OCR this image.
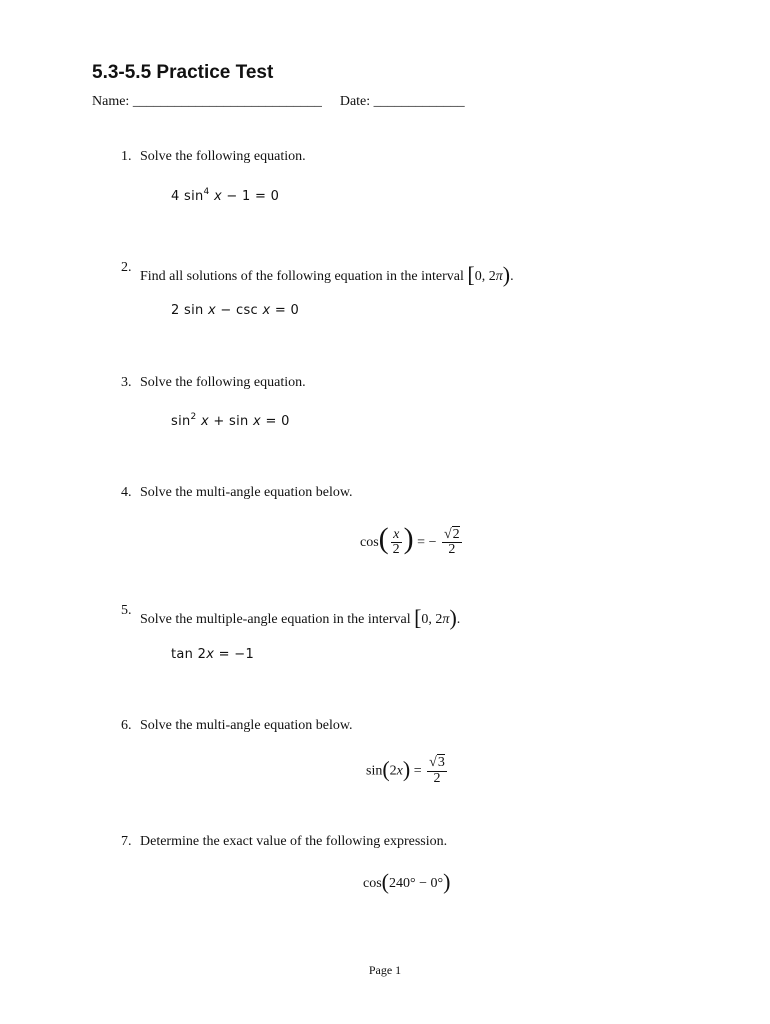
5.3-5.5 Practice Test
Name: ___________________________ Date: _____________
1. Solve the following equation.
4 $\sin^4 x - 1 = 0$
2.
Find all solutions of the following equation in the interval [0, 2π).
2 sin x − csc x = 0
3. Solve the following equation.
$\sin^2 x + \sin x = 0$
4. Solve the multi-angle equation below.
$\cos( \frac{x}{2}$ ) = − $\frac{√2}{2}$
5.
Solve the multiple-angle equation in the interval [0, 2π).
tan 2x = −1
6. Solve the multi-angle equation below.
$\sin(2x) = \frac{√3}{2}$
7. Determine the exact value of the following expression.
cos(240° − 0°)
Page 1
